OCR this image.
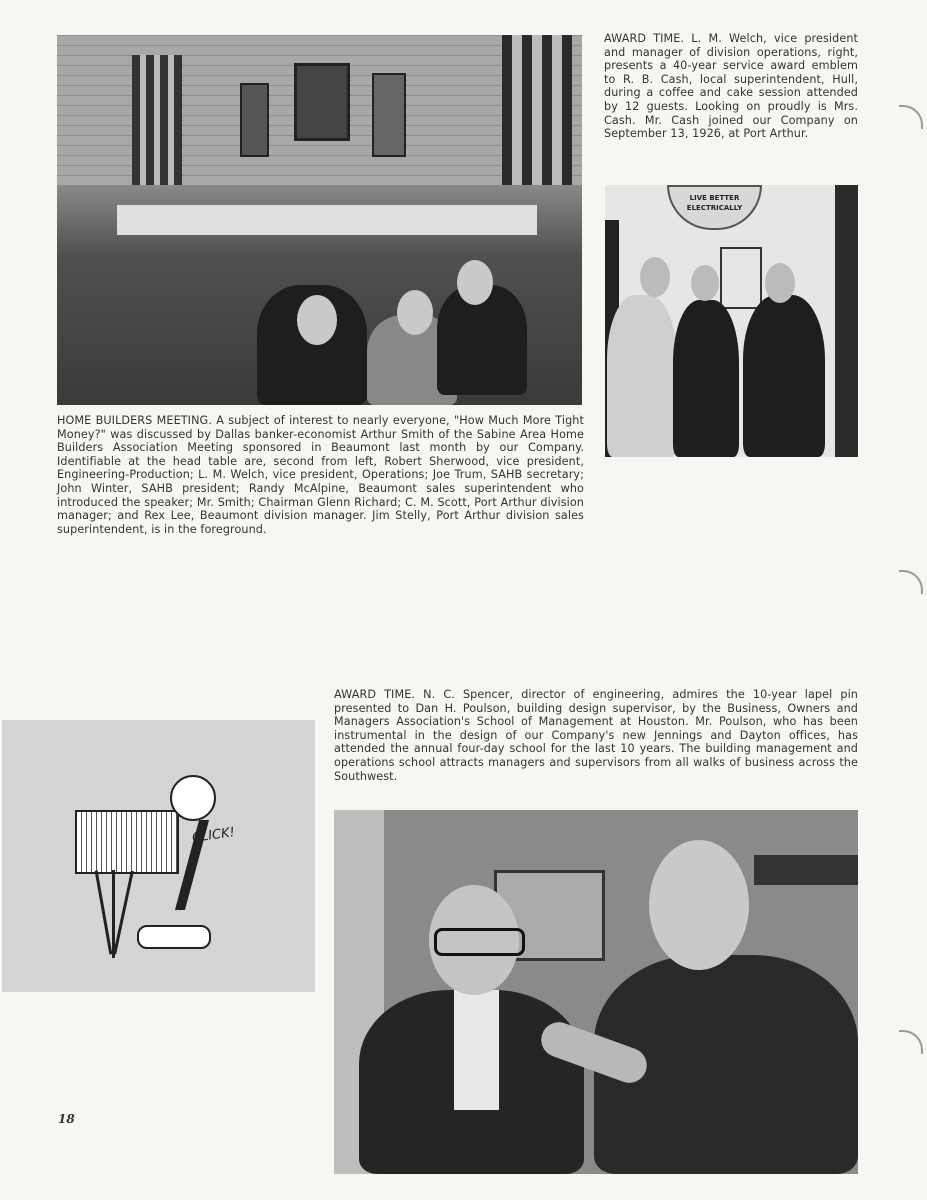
HOME BUILDERS MEETING. A subject of interest to nearly everyone, "How Much More Tight Money?" was discussed by Dallas banker-economist Arthur Smith of the Sabine Area Home Builders Association Meeting sponsored in Beaumont last month by our Company. Identifiable at the head table are, second from left, Robert Sherwood, vice president, Engineering-Production; L. M. Welch, vice president, Operations; Joe Trum, SAHB secretary; John Winter, SAHB president; Randy McAlpine, Beaumont sales superintendent who introduced the speaker; Mr. Smith; Chairman Glenn Richard; C. M. Scott, Port Arthur division manager; and Rex Lee, Beaumont division manager. Jim Stelly, Port Arthur division sales superintendent, is in the foreground.
AWARD TIME. L. M. Welch, vice president and manager of division operations, right, presents a 40-year service award emblem to R. B. Cash, local superintendent, Hull, during a coffee and cake session attended by 12 guests. Looking on proudly is Mrs. Cash. Mr. Cash joined our Company on September 13, 1926, at Port Arthur.
LIVE BETTER
ELECTRICALLY
AWARD TIME. N. C. Spencer, director of engineering, admires the 10-year lapel pin presented to Dan H. Poulson, building design supervisor, by the Business, Owners and Managers Association's School of Management at Houston. Mr. Poulson, who has been instrumental in the design of our Company's new Jennings and Dayton offices, has attended the annual four-day school for the last 10 years. The building management and operations school attracts managers and supervisors from all walks of business across the Southwest.
CLICK!
18
